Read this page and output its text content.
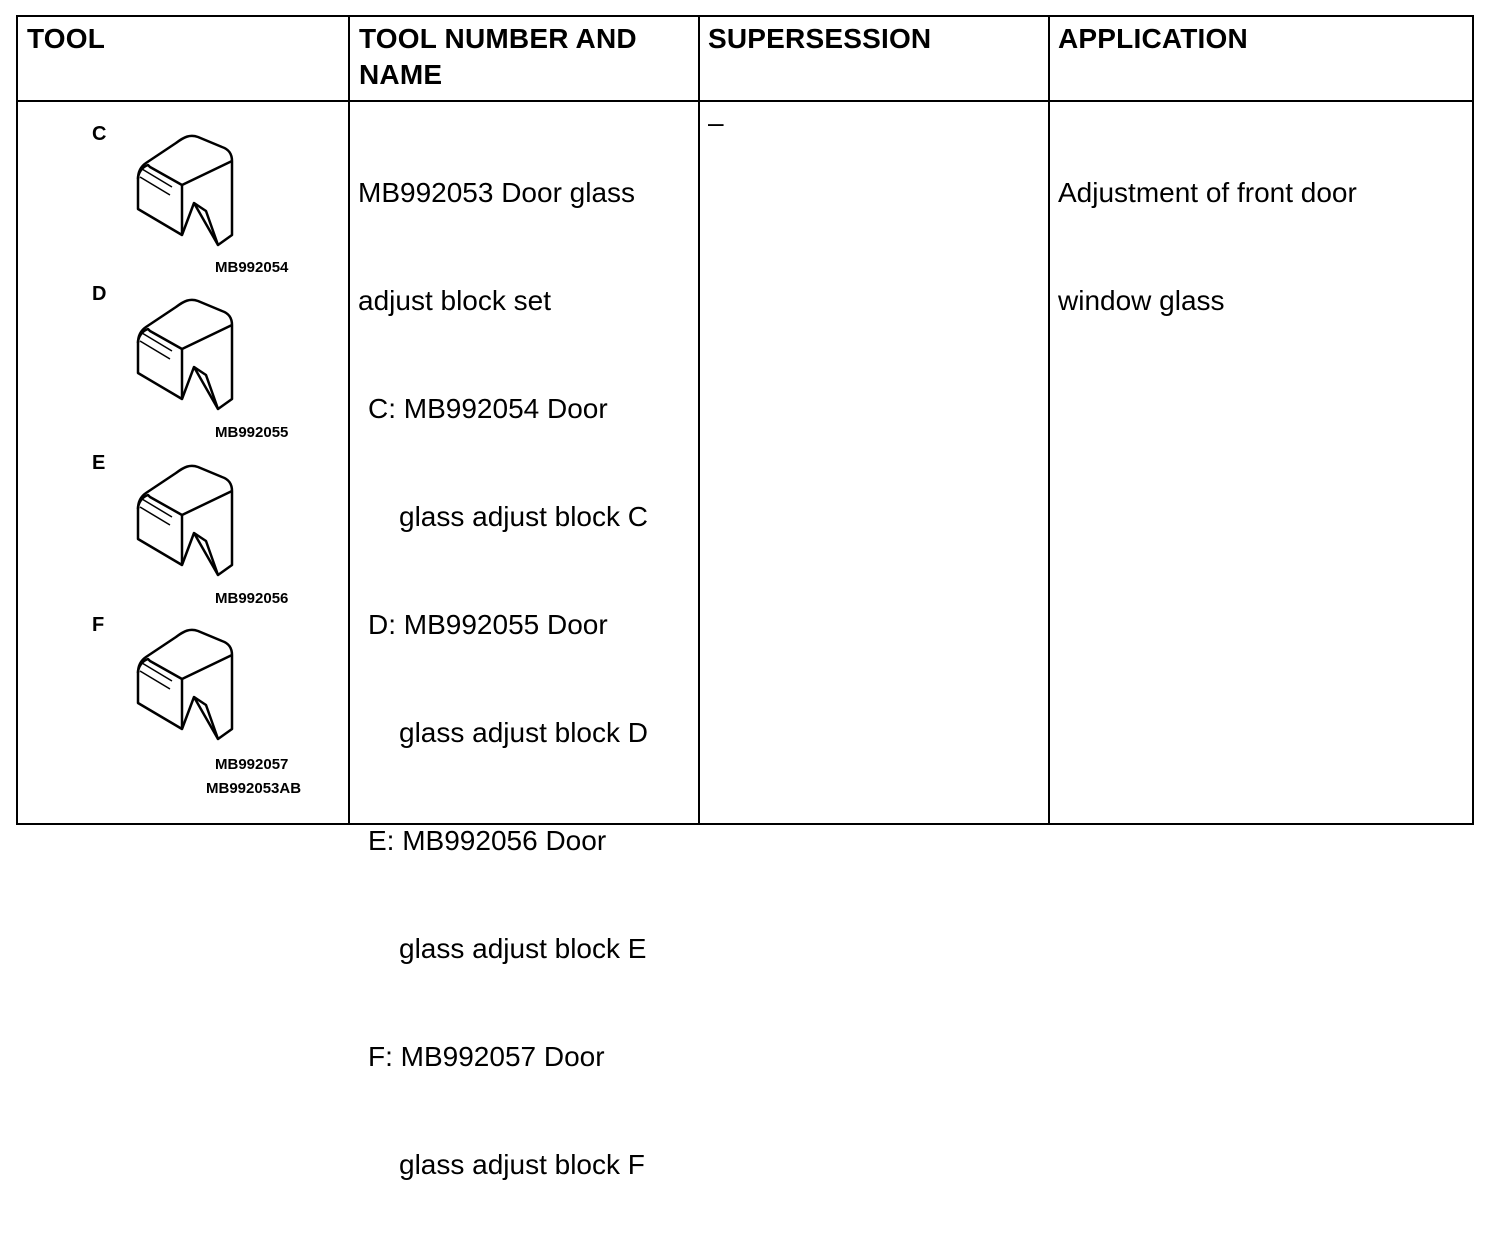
TOOL	TOOL NUMBER AND
NAME
SUPERSESSION	APPLICATION
C
MB992054
D
MB992055
E
MB992056
F
MB992057
MB992053AB

MB992053 Door glass

adjust block set

C: MB992054 Door

glass adjust block C

D: MB992055 Door

glass adjust block D

E: MB992056 Door

glass adjust block E

F: MB992057 Door

glass adjust block F

–

Adjustment of front door

window glass
